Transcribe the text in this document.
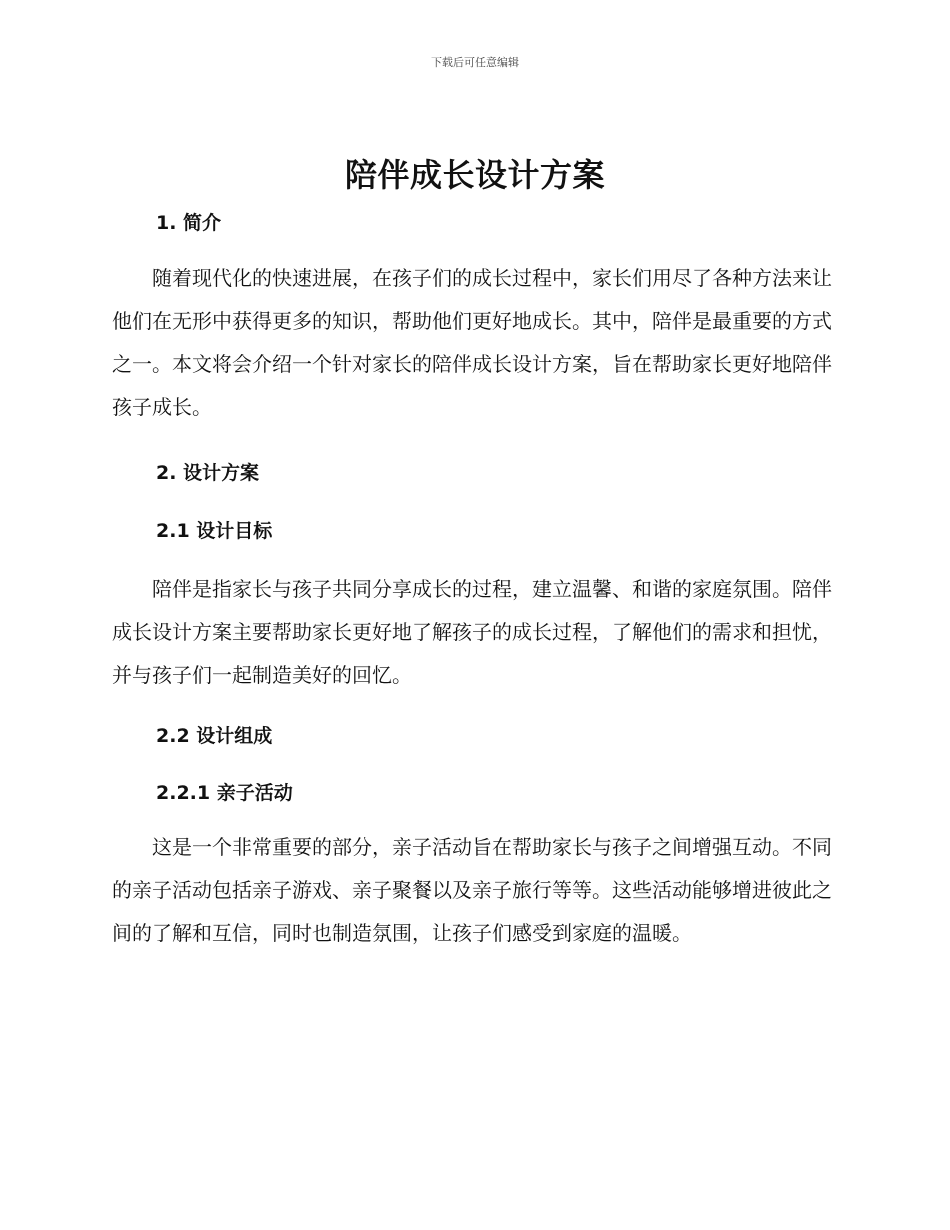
下载后可任意编辑
陪伴成长设计方案
1. 简介

随着现代化的快速进展，在孩子们的成长过程中，家长们用尽了各种方法来让他们在无形中获得更多的知识，帮助他们更好地成长。其中，陪伴是最重要的方式之一。本文将会介绍一个针对家长的陪伴成长设计方案，旨在帮助家长更好地陪伴孩子成长。

2. 设计方案
2.1 设计目标

陪伴是指家长与孩子共同分享成长的过程，建立温馨、和谐的家庭氛围。陪伴成长设计方案主要帮助家长更好地了解孩子的成长过程，了解他们的需求和担忧，并与孩子们一起制造美好的回忆。

2.2 设计组成
2.2.1 亲子活动

这是一个非常重要的部分，亲子活动旨在帮助家长与孩子之间增强互动。不同的亲子活动包括亲子游戏、亲子聚餐以及亲子旅行等等。这些活动能够增进彼此之间的了解和互信，同时也制造氛围，让孩子们感受到家庭的温暖。
